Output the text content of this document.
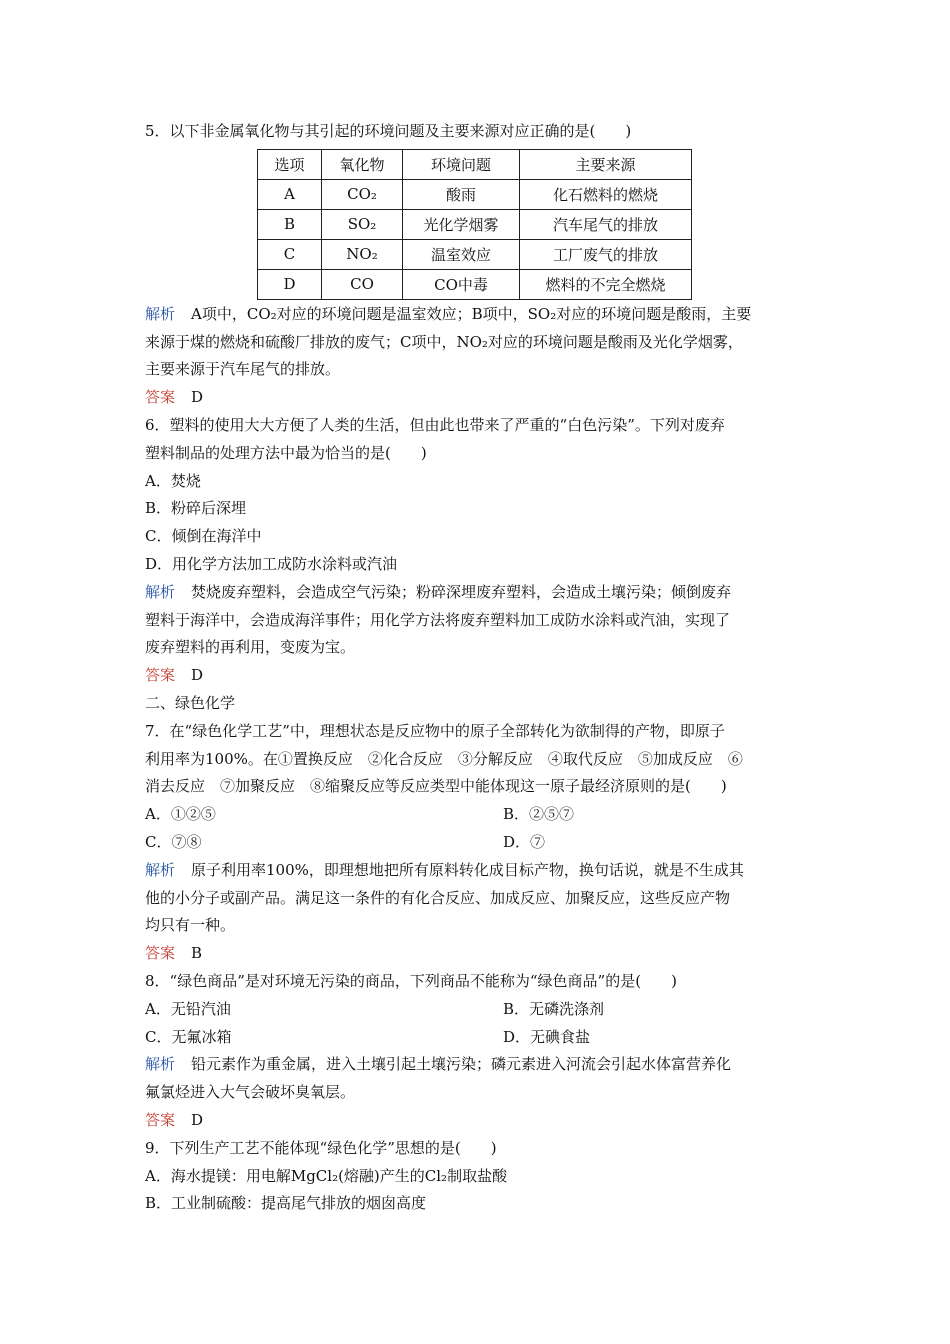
5．以下非金属氧化物与其引起的环境问题及主要来源对应正确的是(　　)
选项	氧化物	环境问题	主要来源
A	CO₂	酸雨	化石燃料的燃烧
B	SO₂	光化学烟雾	汽车尾气的排放
C	NO₂	温室效应	工厂废气的排放
D	CO	CO中毒	燃料的不完全燃烧
解析 A项中，CO₂对应的环境问题是温室效应；B项中，SO₂对应的环境问题是酸雨，主要
来源于煤的燃烧和硫酸厂排放的废气；C项中，NO₂对应的环境问题是酸雨及光化学烟雾，
主要来源于汽车尾气的排放。
答案 D
6．塑料的使用大大方便了人类的生活，但由此也带来了严重的“白色污染”。下列对废弃
塑料制品的处理方法中最为恰当的是(　　)
A．焚烧
B．粉碎后深埋
C．倾倒在海洋中
D．用化学方法加工成防水涂料或汽油
解析 焚烧废弃塑料，会造成空气污染；粉碎深埋废弃塑料，会造成土壤污染；倾倒废弃
塑料于海洋中，会造成海洋事件；用化学方法将废弃塑料加工成防水涂料或汽油，实现了
废弃塑料的再利用，变废为宝。
答案 D
二、绿色化学
7．在“绿色化学工艺”中，理想状态是反应物中的原子全部转化为欲制得的产物，即原子
利用率为100%。在①置换反应　②化合反应　③分解反应　④取代反应　⑤加成反应　⑥
消去反应　⑦加聚反应　⑧缩聚反应等反应类型中能体现这一原子最经济原则的是(　　)
A．①②⑤	B．②⑤⑦
C．⑦⑧	D．⑦
解析 原子利用率100%，即理想地把所有原料转化成目标产物，换句话说，就是不生成其
他的小分子或副产品。满足这一条件的有化合反应、加成反应、加聚反应，这些反应产物
均只有一种。
答案 B
8．“绿色商品”是对环境无污染的商品，下列商品不能称为“绿色商品”的是(　　)
A．无铅汽油	B．无磷洗涤剂
C．无氟冰箱	D．无碘食盐
解析 铅元素作为重金属，进入土壤引起土壤污染；磷元素进入河流会引起水体富营养化
氟氯烃进入大气会破坏臭氧层。
答案 D
9．下列生产工艺不能体现“绿色化学”思想的是(　　)
A．海水提镁：用电解MgCl₂(熔融)产生的Cl₂制取盐酸
B．工业制硫酸：提高尾气排放的烟囱高度
